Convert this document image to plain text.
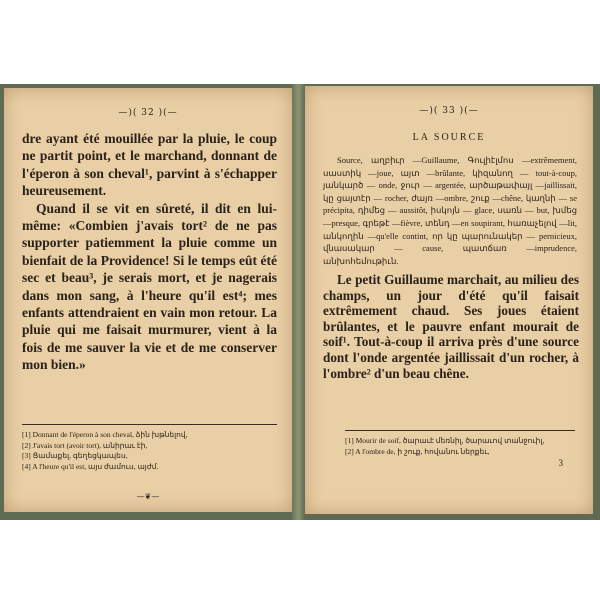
—)( 32 )(—

dre ayant été mouillée par la pluie, le coup ne partit point, et le marchand, donnant de l'éperon à son cheval¹, parvint à s'échapper heureusement.

Quand il se vit en sûreté, il dit en lui-même: «Combien j'avais tort² de ne pas supporter patiemment la pluie comme un bienfait de la Providence! Si le temps eût été sec et beau³, je serais mort, et je nagerais dans mon sang, à l'heure qu'il est⁴; mes enfants attendraient en vain mon retour. La pluie qui me faisait murmurer, vient à la fois de me sauver la vie et de me conserver mon bien.»

[1] Donnant de l'éperon à son cheval, ձին խթնելով,
[2] J'avais tort (avoir tort), անիրաւ էի,
[3] Ցամաքել, գեղեցկապես,
[4] A l'heure qu'il est, այս ժամուս, այժմ.
—❦—
—)( 33 )(—
LA SOURCE

Source, աղբիւր —Guillaume, Գուլիէլմոս —extrêmement, սաստիկ —joue, այտ —brûlante, կիզանող — tout-à-coup, յանկարծ — onde, ջուր — argentée, արծաթափայլ —jaillissait, կը ցայտէր — rocher, ժայռ —ombre, շուք —chêne, կաղնի — se précipita, դիմեց — aussitôt, իսկոյն — glace, սառն — but, խմեց —presque, գրեթէ —fièvre, տենդ —en soupirant, հառաչելով —lit, անկողին —qu'elle contint, որ կը պարունակեր — pernicieux, վնասակար — cause, պատճառ —imprudence, անխոհեմութիւն.

Le petit Guillaume marchait, au milieu des champs, un jour d'été qu'il faisait extrêmement chaud. Ses joues étaient brûlantes, et le pauvre enfant mourait de soif¹. Tout-à-coup il arriva près d'une source dont l'onde argentée jaillissait d'un rocher, à l'ombre² d'un beau chêne.

[1] Mourir de soif, ծարաւէ մեռնիլ, ծարաւով տանջուիլ,
[2] A l'ombre de, ի շուք, հովանու ներքեւ,
3
